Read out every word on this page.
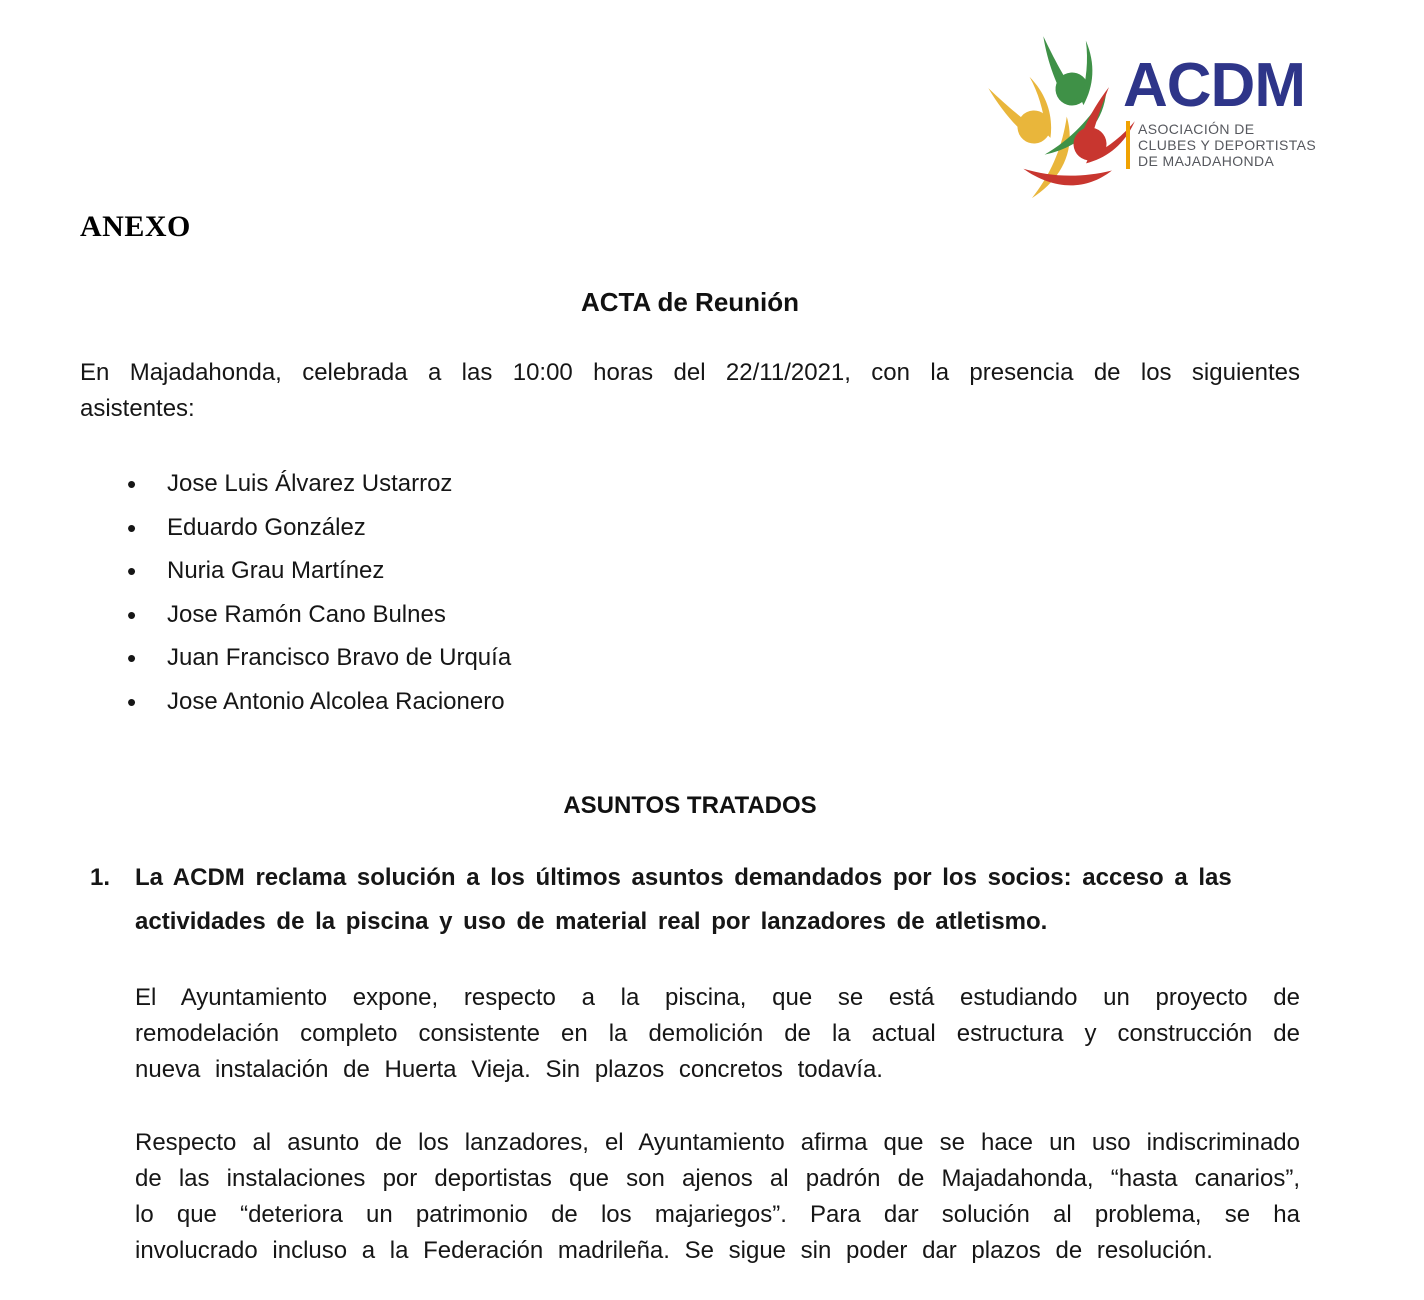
ACDM
ASOCIACIÓN DE
CLUBES Y DEPORTISTAS
DE MAJADAHONDA
ANEXO
ACTA de Reunión

En Majadahonda, celebrada a las 10:00 horas del 22/11/2021, con la presencia de los siguientes asistentes:

• Jose Luis Álvarez Ustarroz
• Eduardo González
• Nuria Grau Martínez
• Jose Ramón Cano Bulnes
• Juan Francisco Bravo de Urquía
• Jose Antonio Alcolea Racionero
ASUNTOS TRATADOS
1. La ACDM reclama solución a los últimos asuntos demandados por los socios: acceso a las actividades de la piscina y uso de material real por lanzadores de atletismo.

El Ayuntamiento expone, respecto a la piscina, que se está estudiando un proyecto de remodelación completo consistente en la demolición de la actual estructura y construcción de nueva instalación de Huerta Vieja. Sin plazos concretos todavía.

Respecto al asunto de los lanzadores, el Ayuntamiento afirma que se hace un uso indiscriminado de las instalaciones por deportistas que son ajenos al padrón de Majadahonda, “hasta canarios”, lo que “deteriora un patrimonio de los majariegos”. Para dar solución al problema, se ha involucrado incluso a la Federación madrileña. Se sigue sin poder dar plazos de resolución.
